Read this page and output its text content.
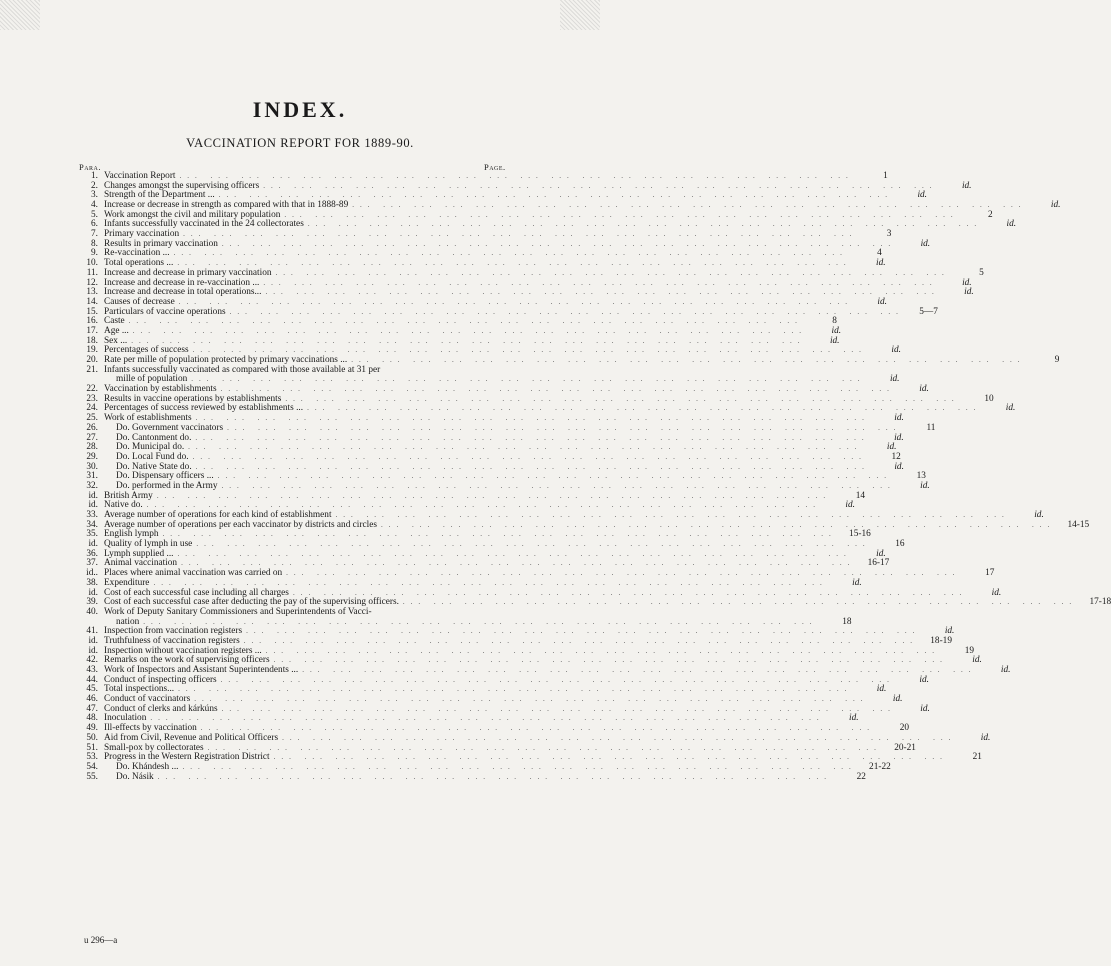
INDEX.
VACCINATION REPORT FOR 1889-90.
Para.	Page.
1. Vaccination Report ... .	1
2. Changes amongst the supervising officers ... .	id.
3. Strength of the Department ... ... .	id.
4. Increase or decrease in strength as compared with that in 1888-89 ... .	id.
5. Work amongst the civil and military population ... .	2
6. Infants successfully vaccinated in the 24 collectorates ... .	id.
7. Primary vaccination ... .	3
8. Results in primary vaccination ... .	id.
9. Re-vaccination ... ... .	4
10. Total operations ... ... .	id.
11. Increase and decrease in primary vaccination ... .	5
12. Increase and decrease in re-vaccination ... ... .	id.
13. Increase and decrease in total operations... ... .	id.
14. Causes of decrease ... .	id.
15. Particulars of vaccine operations ... .	5—7
16. Caste ... .	8
17. Age ... ... .	id.
18. Sex ... ... .	id.
19. Percentages of success ... .	id.
20. Rate per mille of population protected by primary vaccinations ... ... .	9
21. Infants successfully vaccinated as compared with those available at 31 per
mille of population ... .	id.
22. Vaccination by establishments ... .	id.
23. Results in vaccine operations by establishments ... .	10
24. Percentages of success reviewed by establishments ... ... .	id.
25. Work of establishments ... .	id.
26.	Do. Government vaccinators ... .	11
27.	Do. Cantonment do. ... .	id.
28.	Do. Municipal do. ... .	id.
29.	Do. Local Fund do. ... .	12
30.	Do. Native State do. ... .	id.
31.	Do. Dispensary officers ... ... .	13
32.	Do. performed in the Army ... .	id.
id. British Army ... .	14
id. Native do. ... .	id.
33. Average number of operations for each kind of establishment ... .	id.
34. Average number of operations per each vaccinator by districts and circles ... .	14-15
35. English lymph ... .	15-16
id. Quality of lymph in use ... .	16
36. Lymph supplied ... ... .	id.
37. Animal vaccination ... .	16-17
id.. Places where animal vaccination was carried on ... .	17
38. Expenditure ... .	id.
id. Cost of each successful case including all charges ... .	id.
39. Cost of each successful case after deducting the pay of the supervising officers. ... .	17-18
40. Work of Deputy Sanitary Commissioners and Superintendents of Vacci-
nation ... .	18
41. Inspection from vaccination registers ... .	id.
id. Truthfulness of vaccination registers ... .	18-19
id. Inspection without vaccination registers ... ... .	19
42. Remarks on the work of supervising officers ... .	id.
43. Work of Inspectors and Assistant Superintendents ... ... .	id.
44. Conduct of inspecting officers ... .	id.
45. Total inspections... ... .	id.
46. Conduct of vaccinators ... .	id.
47. Conduct of clerks and kárkúns ... .	id.
48. Inoculation ... .	id.
49. Ill-effects by vaccination ... .	20
50. Aid from Civil, Revenue and Political Officers ... .	id.
51. Small-pox by collectorates ... .	20-21
53. Progress in the Western Registration District ... .	21
54.	Do. Khándesh ... ... .	21-22
55.	Do. Násik ... .	22
u 296—a
